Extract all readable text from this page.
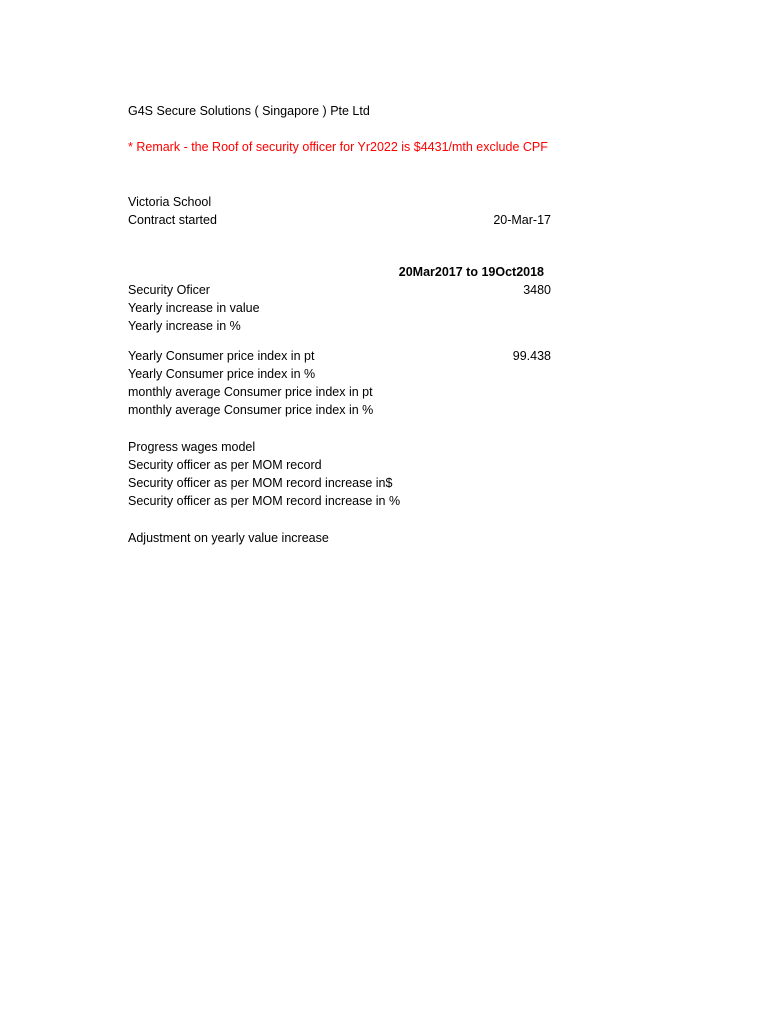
G4S Secure Solutions ( Singapore ) Pte Ltd
* Remark - the Roof of security officer for Yr2022 is $4431/mth exclude CPF
Victoria School
Contract started	20-Mar-17
20Mar2017 to 19Oct2018
Security Oficer	3480
Yearly increase in value
Yearly increase in %
Yearly Consumer price index in pt	99.438
Yearly Consumer price index in %
monthly average Consumer price index in pt
monthly average Consumer price index in %
Progress wages model
Security officer as per MOM record
Security officer as per MOM record increase in$
Security officer as per MOM record increase in %
Adjustment on yearly value increase
